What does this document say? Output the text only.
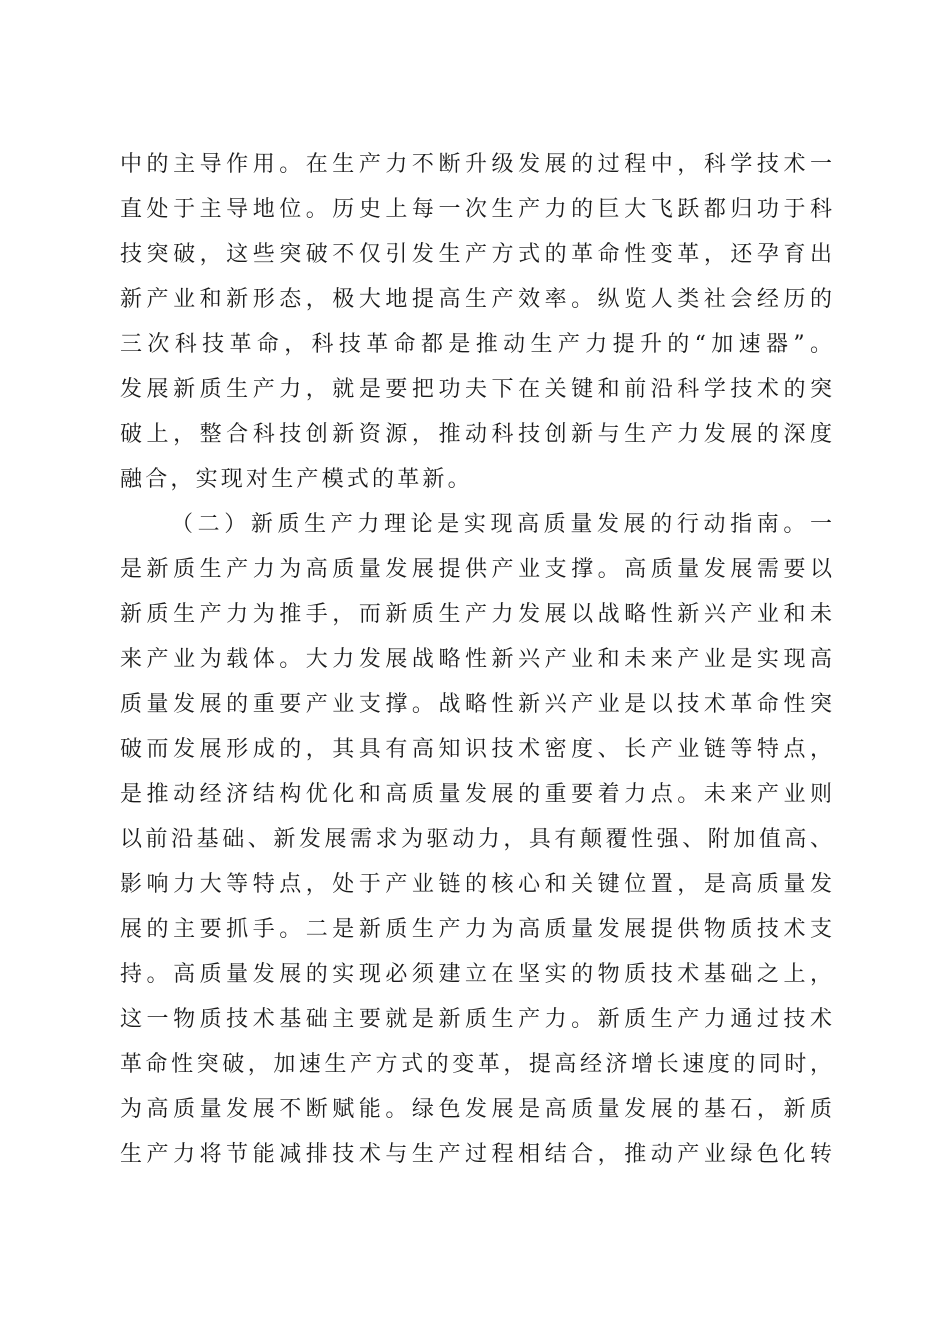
中的主导作用。在生产力不断升级发展的过程中，科学技术一
直处于主导地位。历史上每一次生产力的巨大飞跃都归功于科
技突破，这些突破不仅引发生产方式的革命性变革，还孕育出
新产业和新形态，极大地提高生产效率。纵览人类社会经历的
三次科技革命，科技革命都是推动生产力提升的“加速器”。
发展新质生产力，就是要把功夫下在关键和前沿科学技术的突
破上，整合科技创新资源，推动科技创新与生产力发展的深度
融合，实现对生产模式的革新。
（二）新质生产力理论是实现高质量发展的行动指南。一
是新质生产力为高质量发展提供产业支撑。高质量发展需要以
新质生产力为推手，而新质生产力发展以战略性新兴产业和未
来产业为载体。大力发展战略性新兴产业和未来产业是实现高
质量发展的重要产业支撑。战略性新兴产业是以技术革命性突
破而发展形成的，其具有高知识技术密度、长产业链等特点，
是推动经济结构优化和高质量发展的重要着力点。未来产业则
以前沿基础、新发展需求为驱动力，具有颠覆性强、附加值高、
影响力大等特点，处于产业链的核心和关键位置，是高质量发
展的主要抓手。二是新质生产力为高质量发展提供物质技术支
持。高质量发展的实现必须建立在坚实的物质技术基础之上，
这一物质技术基础主要就是新质生产力。新质生产力通过技术
革命性突破，加速生产方式的变革，提高经济增长速度的同时，
为高质量发展不断赋能。绿色发展是高质量发展的基石，新质
生产力将节能减排技术与生产过程相结合，推动产业绿色化转
